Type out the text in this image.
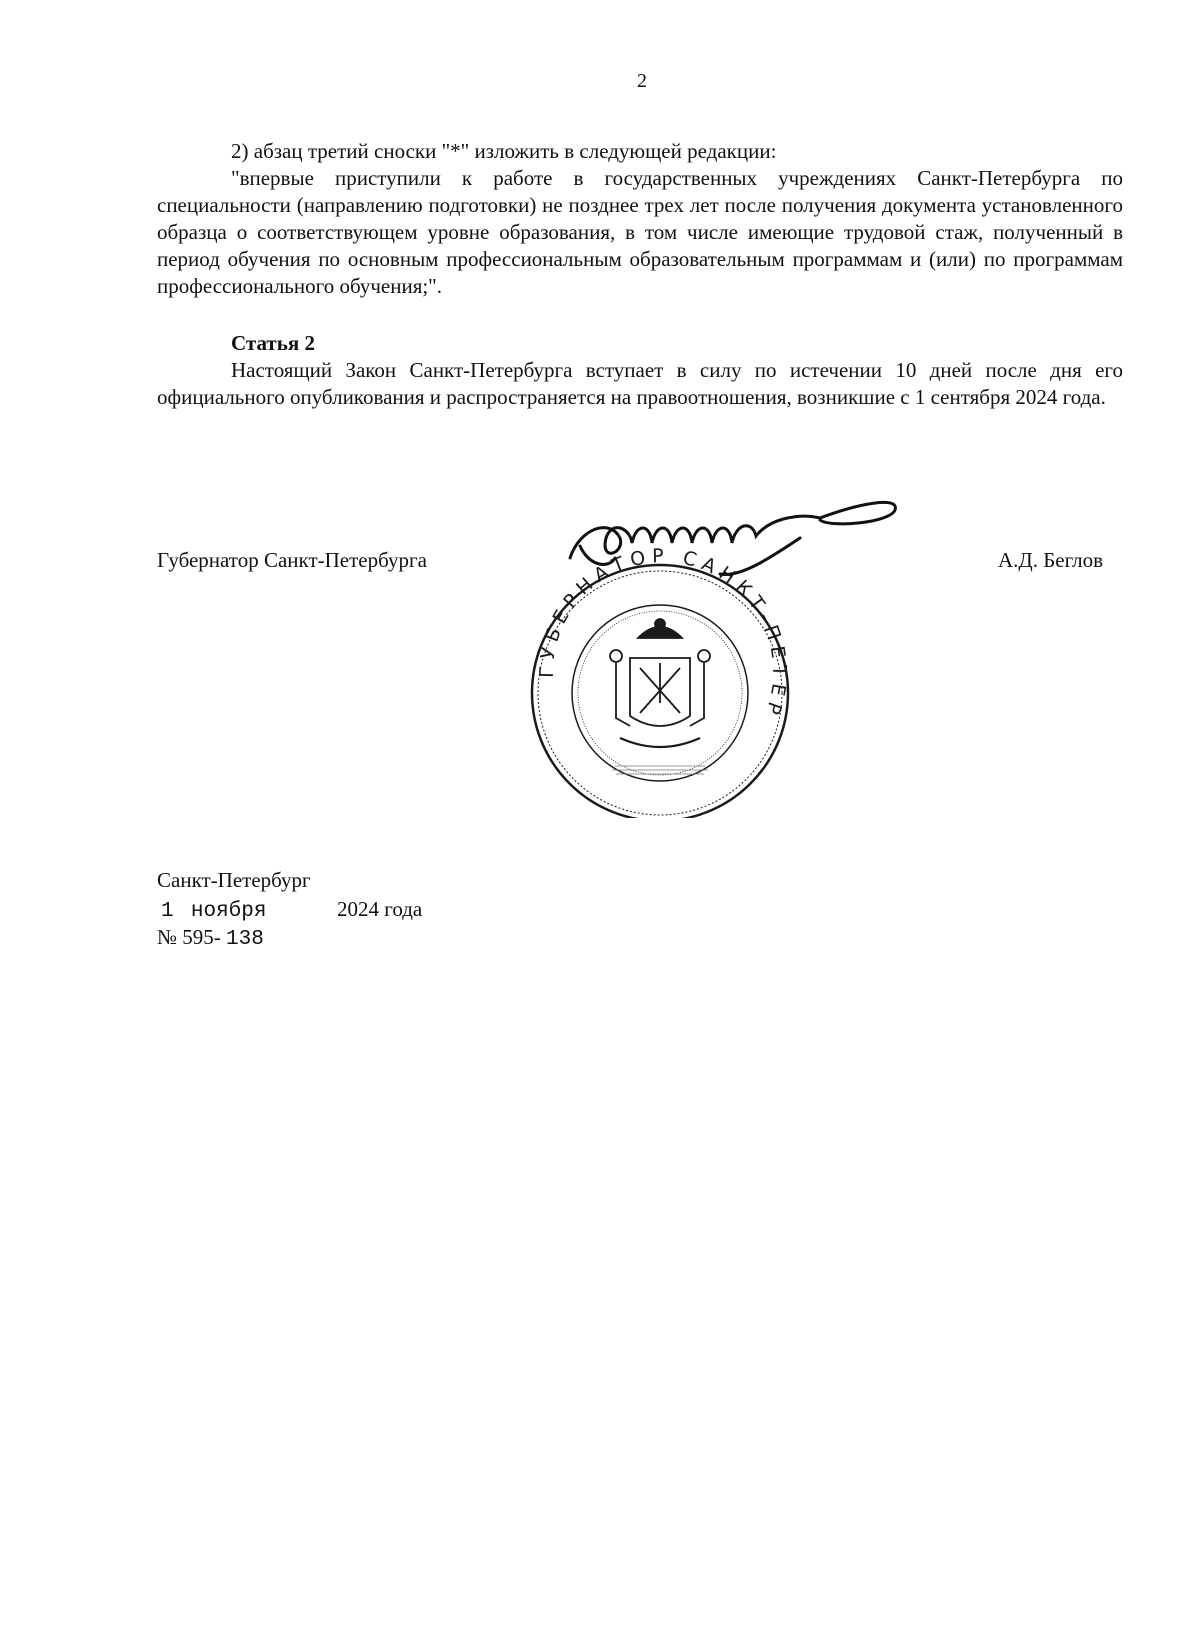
2

2) абзац третий сноски "*" изложить в следующей редакции:

"впервые приступили к работе в государственных учреждениях Санкт-Петербурга по специальности (направлению подготовки) не позднее трех лет после получения документа установленного образца о соответствующем уровне образования, в том числе имеющие трудовой стаж, полученный в период обучения по основным профессиональным образовательным программам и (или) по программам профессионального обучения;".

Статья 2

Настоящий Закон Санкт-Петербурга вступает в силу по истечении 10 дней после дня его официального опубликования и распространяется на правоотношения, возникшие с 1 сентября 2024 года.

Губернатор Санкт-Петербурга	А.Д. Беглов
ГУБЕРНАТОР САНКТ-ПЕТЕР
Санкт-Петербург
1 ноября	2024 года
№ 595- 138
